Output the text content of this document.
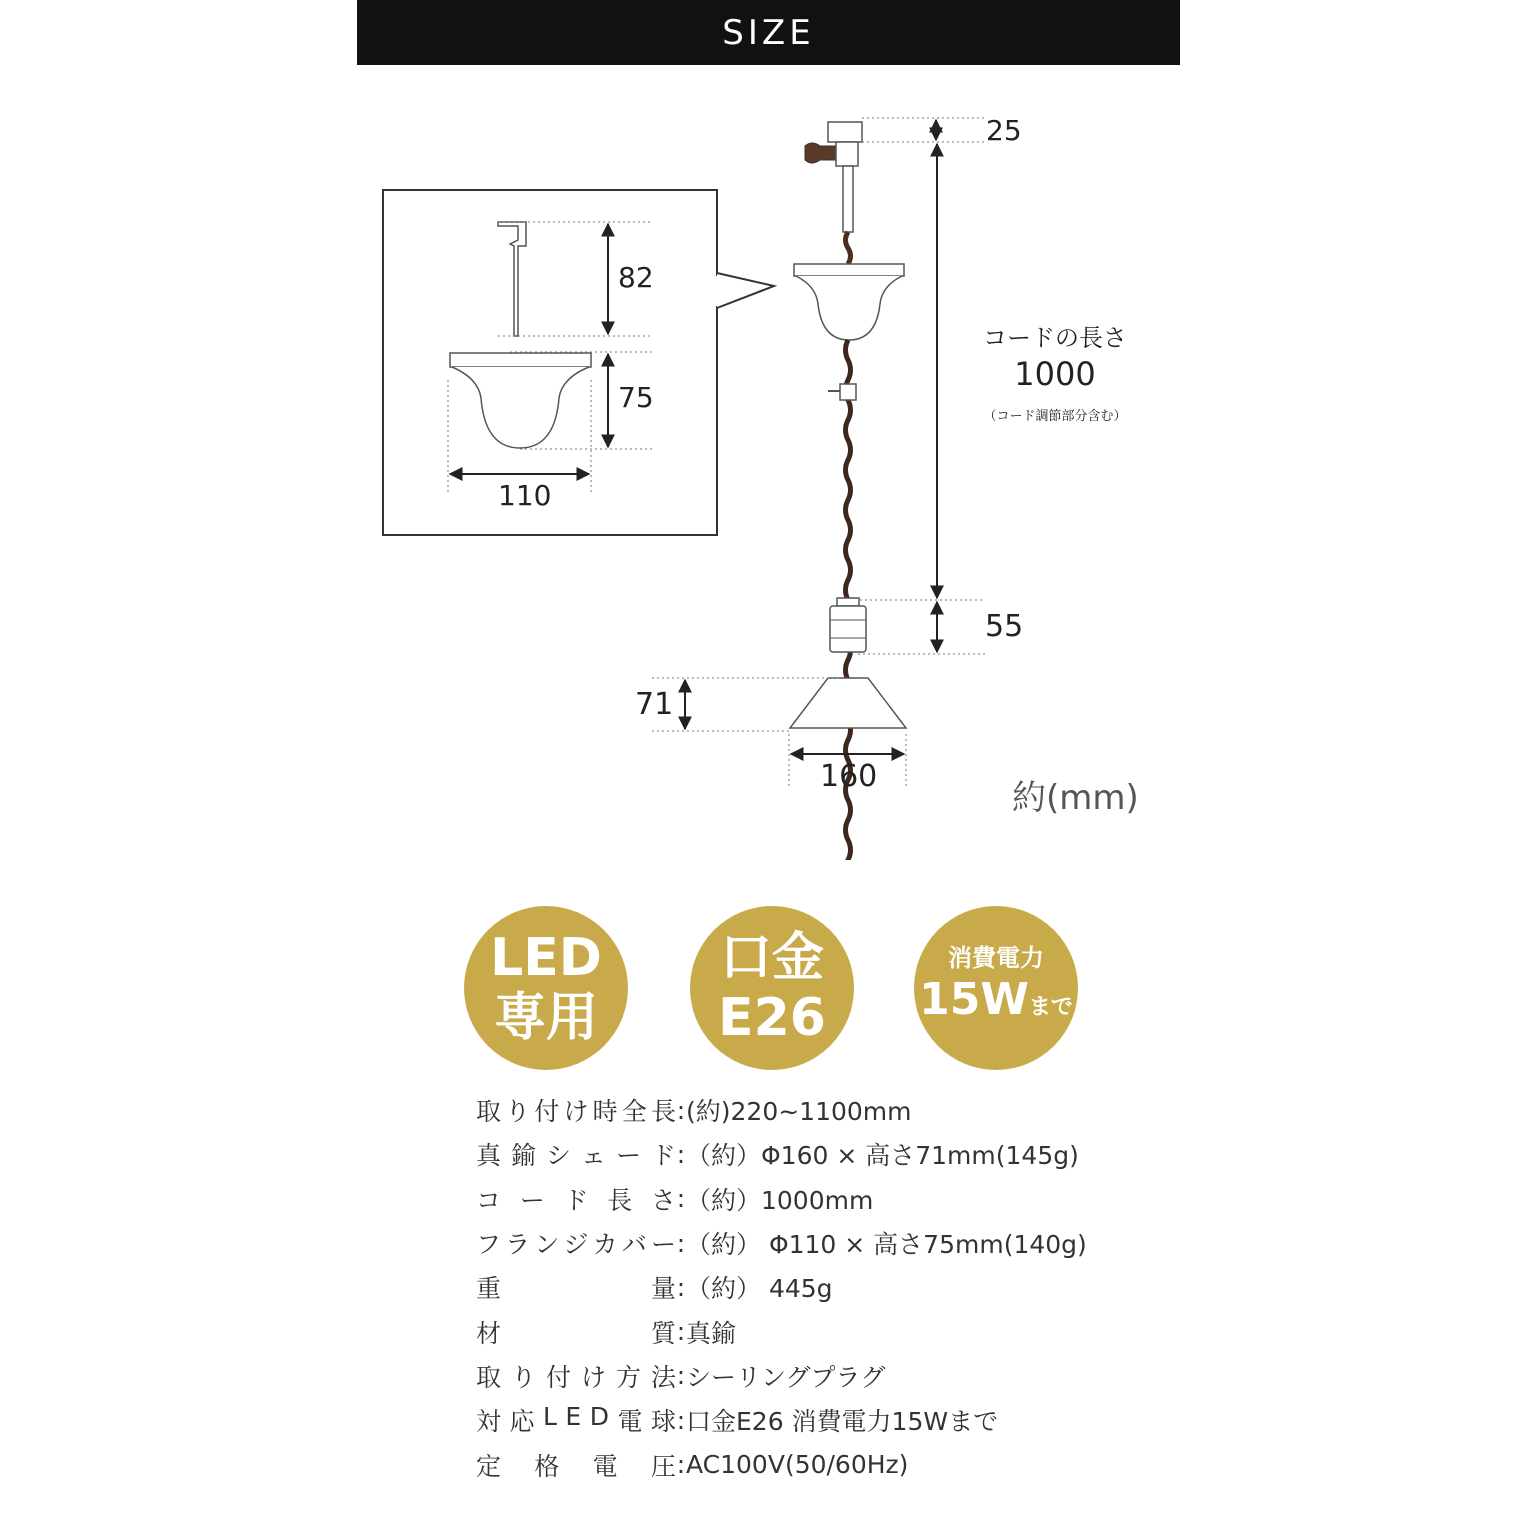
SIZE
25
82
75
110
55
71
160
コードの長さ
1000
（コード調節部分含む）
約(mm)
LED
専用
口金
E26
消費電力
15Wまで
取 り 付 け 時 全 長 : (約)220~1100mm
真 鍮 シ ェ ー ド : （約）Φ160 × 高さ71mm(145g)
コ ー ド 長 さ : （約）1000mm
フ ラ ン ジ カ バ ー : （約） Φ110 × 高さ75mm(140g)
重	量 : （約） 445g
材	質 : 真鍮
取 り 付 け 方 法 : シーリングプラグ
対 応 L E D 電 球 : 口金E26 消費電力15Wまで
定 格 電 圧 : AC100V(50/60Hz)
